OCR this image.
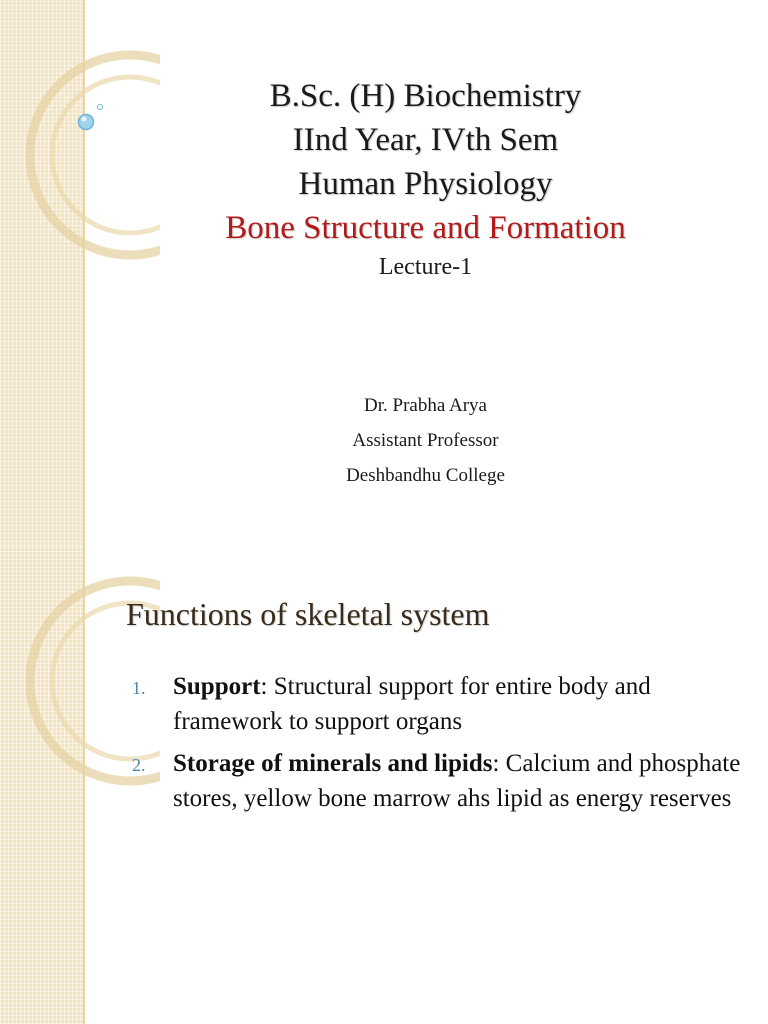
B.Sc. (H) Biochemistry
IInd Year, IVth Sem
Human Physiology
Bone Structure and Formation
Lecture-1
Dr. Prabha Arya
Assistant Professor
Deshbandhu College
Functions of skeletal system
1. Support: Structural support for entire body and framework to support organs
2. Storage of minerals and lipids: Calcium and phosphate stores, yellow bone marrow ahs lipid as energy reserves
